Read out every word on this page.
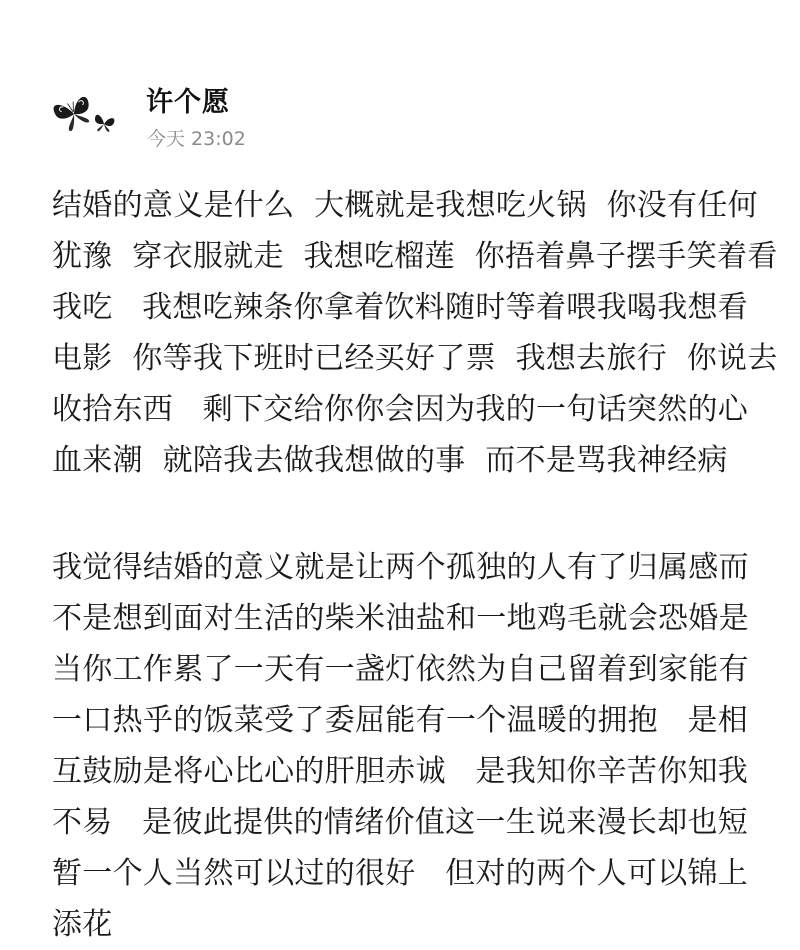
许个愿
今天 23:02
结婚的意义是什么  大概就是我想吃火锅  你没有任何
犹豫  穿衣服就走  我想吃榴莲  你捂着鼻子摆手笑着看
我吃   我想吃辣条你拿着饮料随时等着喂我喝我想看
电影  你等我下班时已经买好了票  我想去旅行  你说去
收拾东西   剩下交给你你会因为我的一句话突然的心
血来潮  就陪我去做我想做的事  而不是骂我神经病
我觉得结婚的意义就是让两个孤独的人有了归属感而
不是想到面对生活的柴米油盐和一地鸡毛就会恐婚是
当你工作累了一天有一盏灯依然为自己留着到家能有
一口热乎的饭菜受了委屈能有一个温暖的拥抱   是相
互鼓励是将心比心的肝胆赤诚   是我知你辛苦你知我
不易   是彼此提供的情绪价值这一生说来漫长却也短
暂一个人当然可以过的很好   但对的两个人可以锦上
添花
